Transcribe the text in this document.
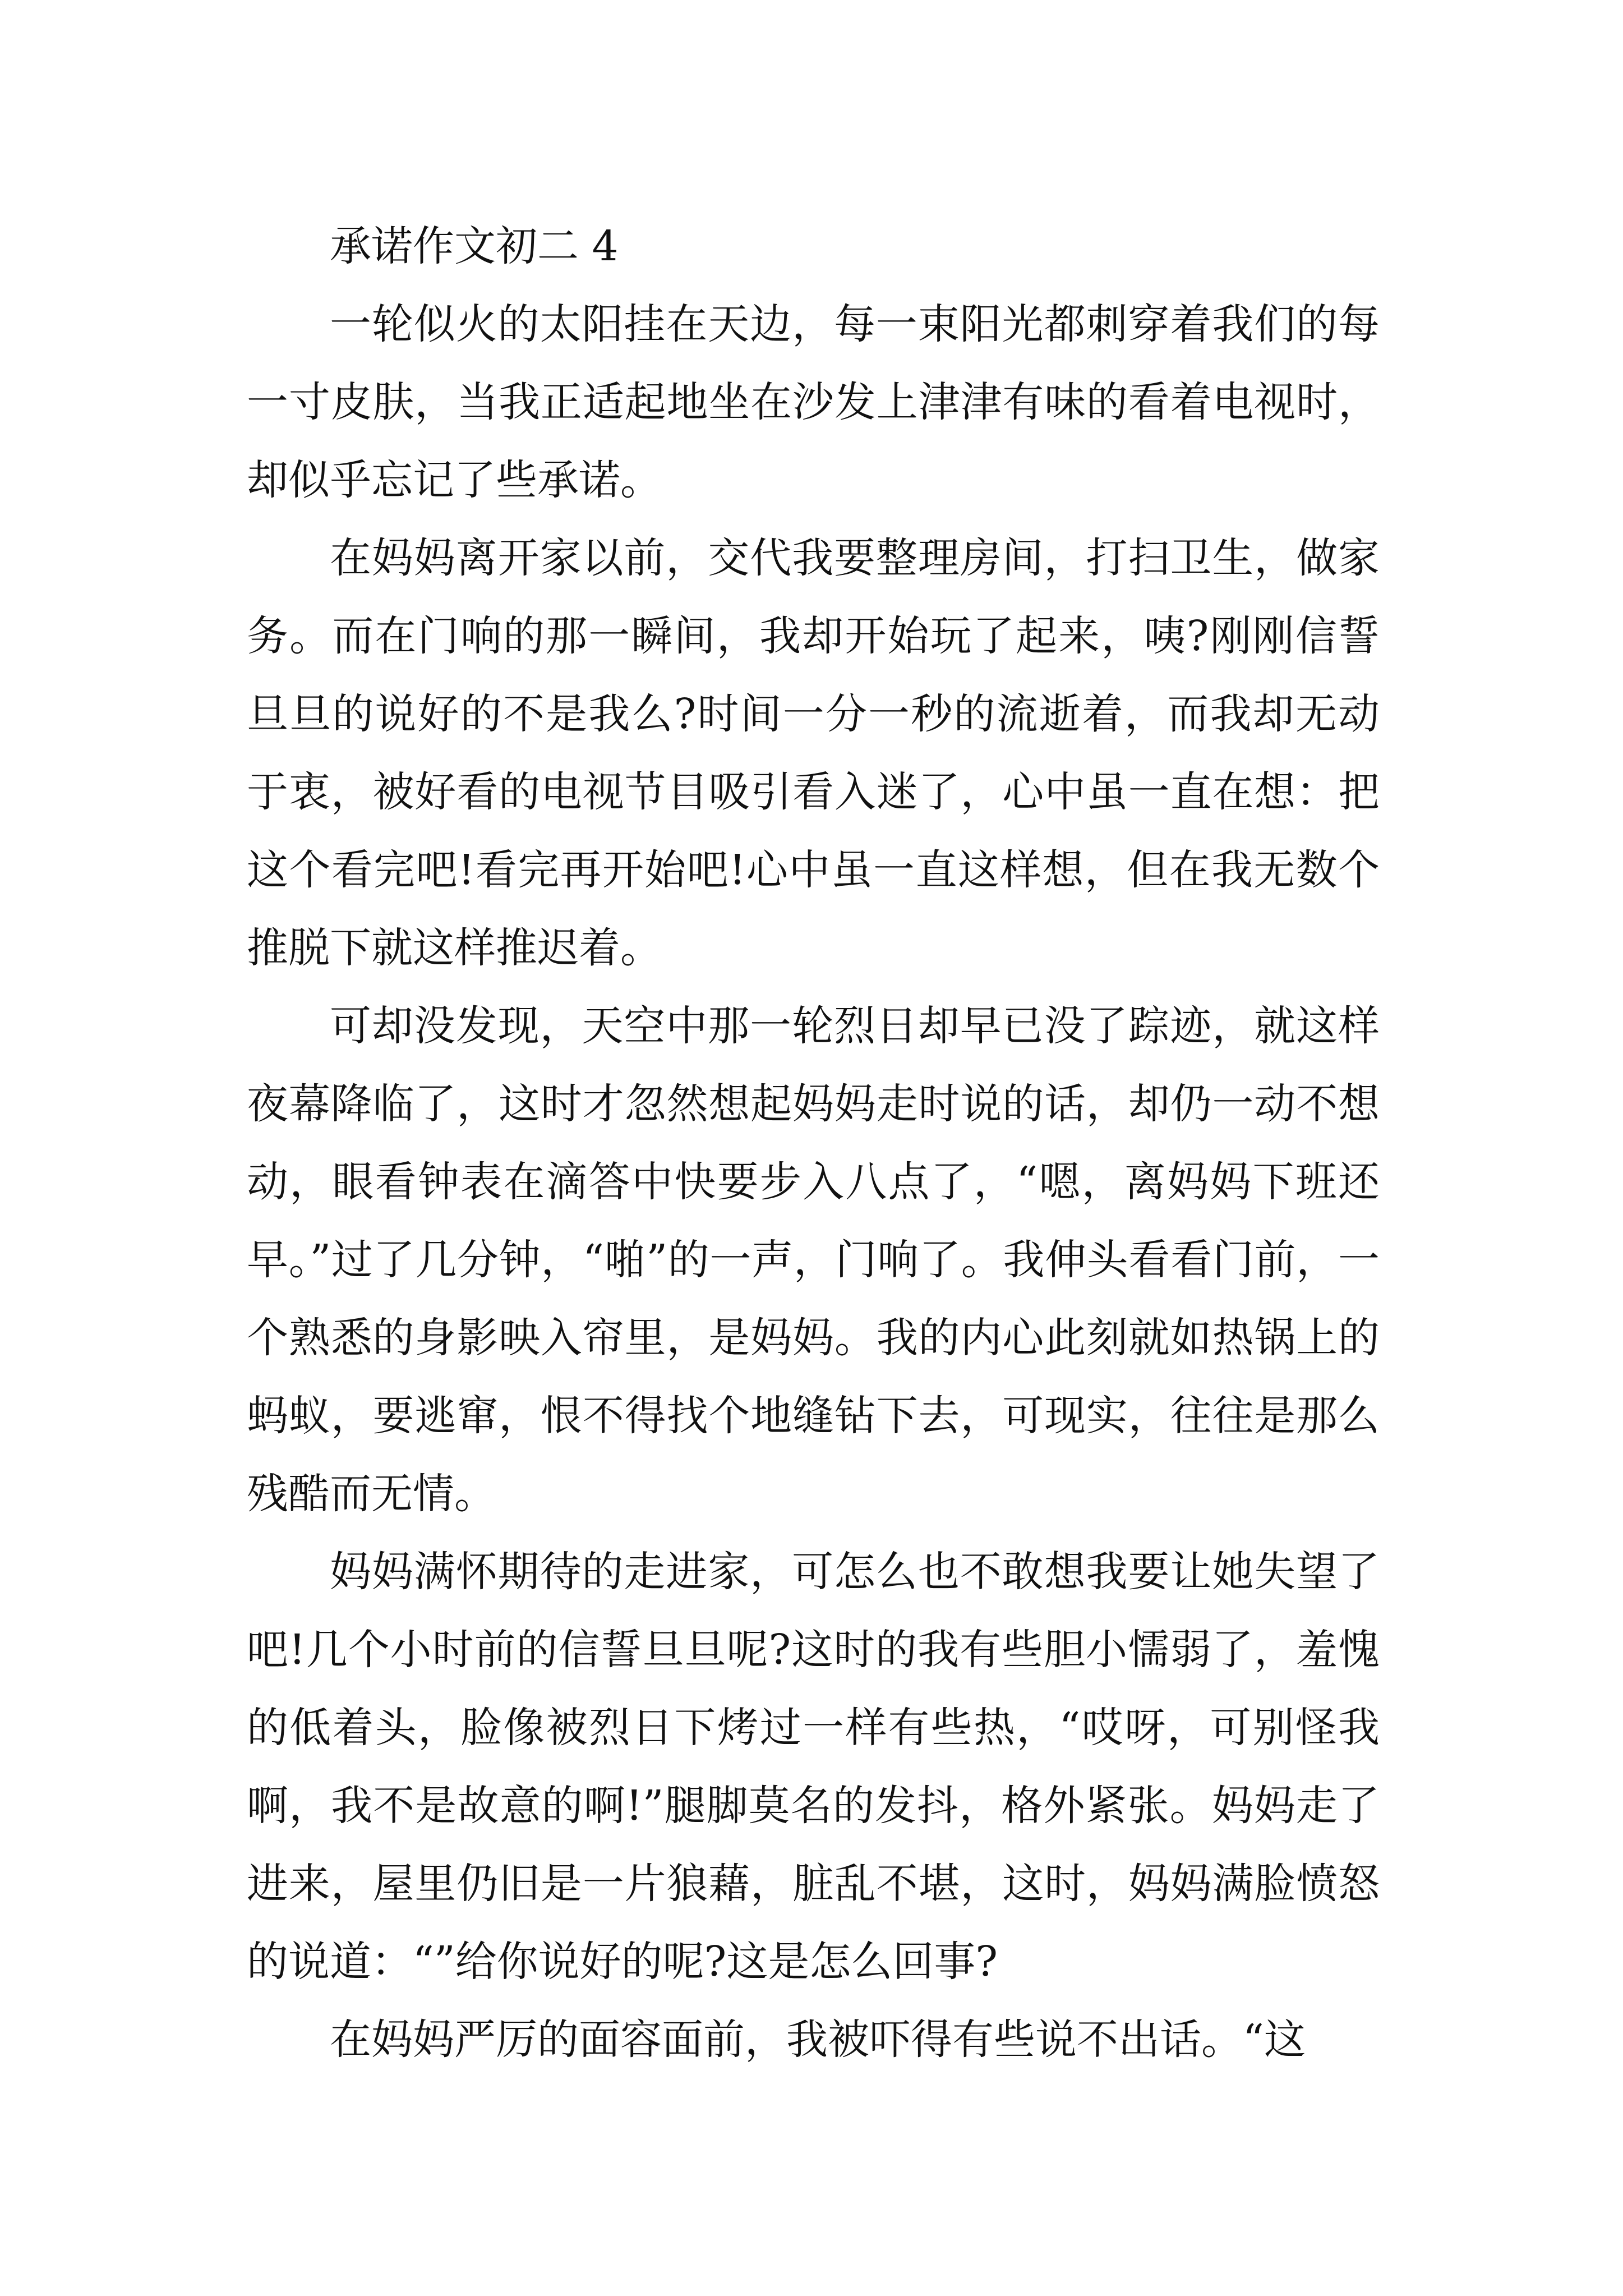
承诺作文初二 4

一轮似火的太阳挂在天边，每一束阳光都刺穿着我们的每一寸皮肤，当我正适起地坐在沙发上津津有味的看着电视时，却似乎忘记了些承诺。

在妈妈离开家以前，交代我要整理房间，打扫卫生，做家务。而在门响的那一瞬间，我却开始玩了起来，咦?刚刚信誓旦旦的说好的不是我么?时间一分一秒的流逝着，而我却无动于衷，被好看的电视节目吸引看入迷了，心中虽一直在想：把这个看完吧!看完再开始吧!心中虽一直这样想，但在我无数个推脱下就这样推迟着。

可却没发现，天空中那一轮烈日却早已没了踪迹，就这样夜幕降临了，这时才忽然想起妈妈走时说的话，却仍一动不想动，眼看钟表在滴答中快要步入八点了，“嗯，离妈妈下班还早。”过了几分钟，“啪”的一声，门响了。我伸头看看门前，一个熟悉的身影映入帘里，是妈妈。我的内心此刻就如热锅上的蚂蚁，要逃窜，恨不得找个地缝钻下去，可现实，往往是那么残酷而无情。

妈妈满怀期待的走进家，可怎么也不敢想我要让她失望了吧!几个小时前的信誓旦旦呢?这时的我有些胆小懦弱了，羞愧的低着头，脸像被烈日下烤过一样有些热，“哎呀，可别怪我啊，我不是故意的啊!”腿脚莫名的发抖，格外紧张。妈妈走了进来，屋里仍旧是一片狼藉，脏乱不堪，这时，妈妈满脸愤怒的说道：“”给你说好的呢?这是怎么回事?

在妈妈严厉的面容面前，我被吓得有些说不出话。“这
